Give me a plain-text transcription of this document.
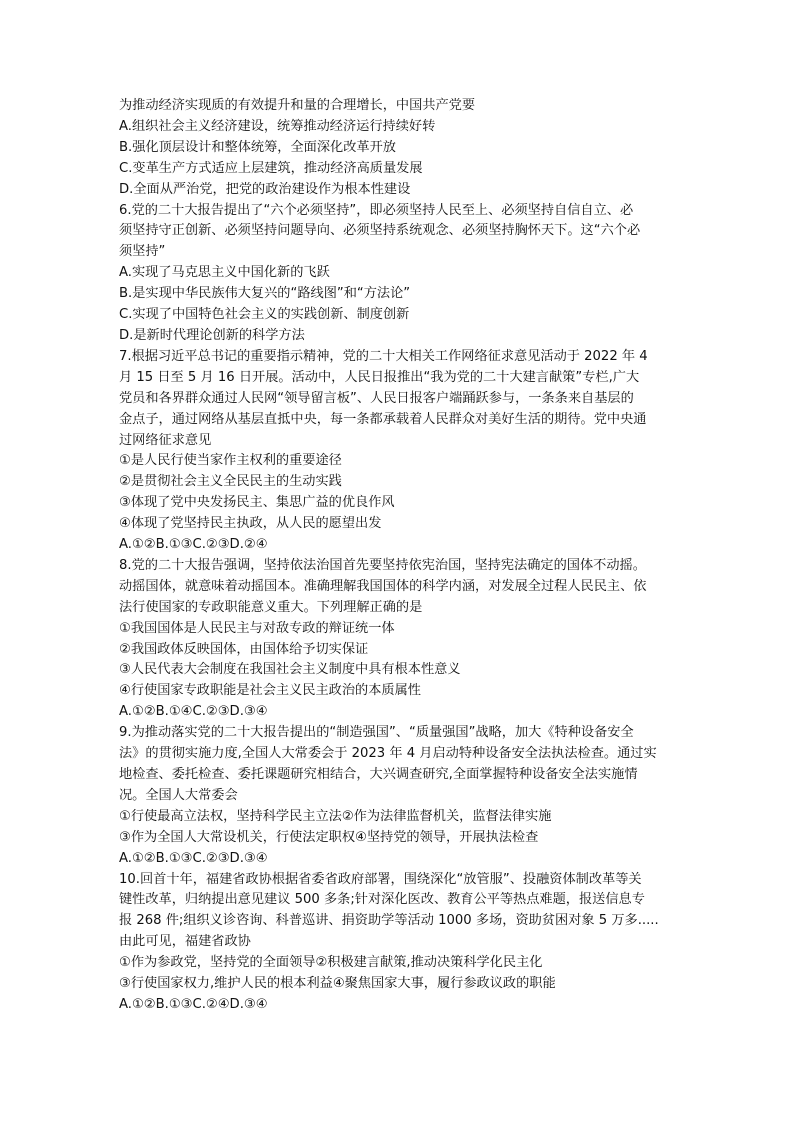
为推动经济实现质的有效提升和量的合理增长，中国共产党要
A.组织社会主义经济建设，统筹推动经济运行持续好转
B.强化顶层设计和整体统筹，全面深化改革开放
C.变革生产方式适应上层建筑，推动经济高质量发展
D.全面从严治党，把党的政治建设作为根本性建设
6.党的二十大报告提出了“六个必须坚持”，即必须坚持人民至上、必须坚持自信自立、必
须坚持守正创新、必须坚持问题导向、必须坚持系统观念、必须坚持胸怀天下。这“六个必
须坚持”
A.实现了马克思主义中国化新的飞跃
B.是实现中华民族伟大复兴的“路线图”和“方法论”
C.实现了中国特色社会主义的实践创新、制度创新
D.是新时代理论创新的科学方法
7.根据习近平总书记的重要指示精神，党的二十大相关工作网络征求意见活动于 2022 年 4
月 15 日至 5 月 16 日开展。活动中，人民日报推出“我为党的二十大建言献策”专栏,广大
党员和各界群众通过人民网“领导留言板”、人民日报客户端踊跃参与，一条条来自基层的
金点子，通过网络从基层直抵中央，每一条都承载着人民群众对美好生活的期待。党中央通
过网络征求意见
①是人民行使当家作主权利的重要途径
②是贯彻社会主义全民民主的生动实践
③体现了党中央发扬民主、集思广益的优良作风
④体现了党坚持民主执政，从人民的愿望出发
A.①②B.①③C.②③D.②④
8.党的二十大报告强调，坚持依法治国首先要坚持依宪治国，坚持宪法确定的国体不动摇。
动摇国体，就意味着动摇国本。准确理解我国国体的科学内涵，对发展全过程人民民主、依
法行使国家的专政职能意义重大。下列理解正确的是
①我国国体是人民民主与对敌专政的辩证统一体
②我国政体反映国体，由国体给予切实保证
③人民代表大会制度在我国社会主义制度中具有根本性意义
④行使国家专政职能是社会主义民主政治的本质属性
A.①②B.①④C.②③D.③④
9.为推动落实党的二十大报告提出的“制造强国”、“质量强国”战略，加大《特种设备安全
法》的贯彻实施力度,全国人大常委会于 2023 年 4 月启动特种设备安全法执法检查。通过实
地检查、委托检查、委托课题研究相结合，大兴调查研究,全面掌握特种设备安全法实施情
况。全国人大常委会
①行使最高立法权，坚持科学民主立法②作为法律监督机关，监督法律实施
③作为全国人大常设机关，行使法定职权④坚持党的领导，开展执法检查
A.①②B.①③C.②③D.③④
10.回首十年，福建省政协根据省委省政府部署，围绕深化“放管服”、投融资体制改革等关
键性改革，归纳提出意见建议 500 多条;针对深化医改、教育公平等热点难题，报送信息专
报 268 件;组织义诊咨询、科普巡讲、捐资助学等活动 1000 多场，资助贫困对象 5 万多.....
由此可见，福建省政协
①作为参政党，坚持党的全面领导②积极建言献策,推动决策科学化民主化
③行使国家权力,维护人民的根本利益④聚焦国家大事，履行参政议政的职能
A.①②B.①③C.②④D.③④
